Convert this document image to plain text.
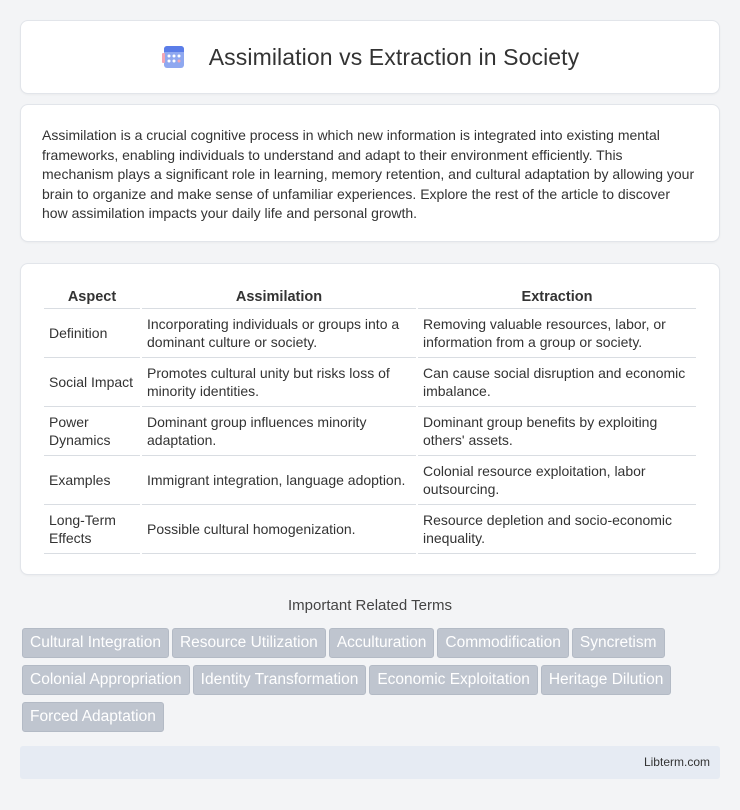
Assimilation vs Extraction in Society

Assimilation is a crucial cognitive process in which new information is integrated into existing mental frameworks, enabling individuals to understand and adapt to their environment efficiently. This mechanism plays a significant role in learning, memory retention, and cultural adaptation by allowing your brain to organize and make sense of unfamiliar experiences. Explore the rest of the article to discover how assimilation impacts your daily life and personal growth.

Aspect	Assimilation	Extraction
Definition	Incorporating individuals or groups into a dominant culture or society.	Removing valuable resources, labor, or information from a group or society.
Social Impact	Promotes cultural unity but risks loss of minority identities.	Can cause social disruption and economic imbalance.
Power Dynamics	Dominant group influences minority adaptation.	Dominant group benefits by exploiting others' assets.
Examples	Immigrant integration, language adoption.	Colonial resource exploitation, labor outsourcing.
Long-Term Effects	Possible cultural homogenization.	Resource depletion and socio-economic inequality.
Important Related Terms
Cultural Integration Resource Utilization Acculturation Commodification SyncretismColonial Appropriation Identity Transformation Economic Exploitation Heritage DilutionForced Adaptation
Libterm.com
